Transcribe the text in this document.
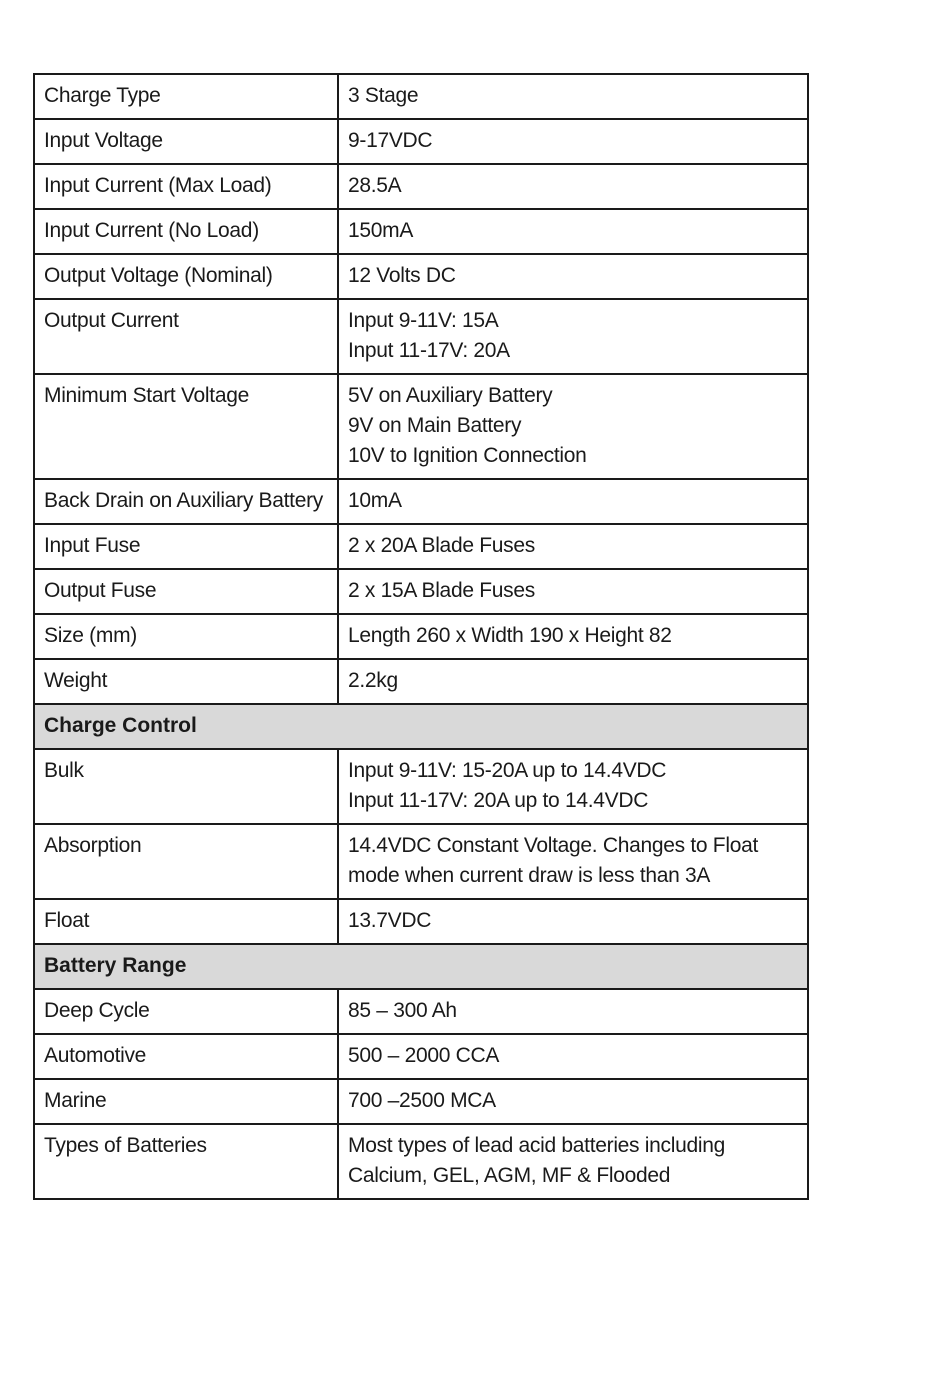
Charge Type	3 Stage

Input Voltage	9-17VDC

Input Current (Max Load)	28.5A

Input Current (No Load)	150mA

Output Voltage (Nominal)	12 Volts DC

Output Current	Input 9-11V: 15A
Input 11-17V: 20A

Minimum Start Voltage	5V on Auxiliary Battery
9V on Main Battery
10V to Ignition Connection

Back Drain on Auxiliary Battery	10mA

Input Fuse	2 x 20A Blade Fuses

Output Fuse	2 x 15A Blade Fuses

Size (mm)	Length 260 x Width 190 x Height 82

Weight	2.2kg

Charge Control	
Bulk	Input 9-11V: 15-20A up to 14.4VDC
Input 11-17V: 20A up to 14.4VDC

Absorption	14.4VDC Constant Voltage. Changes to Float
mode when current draw is less than 3A

Float	13.7VDC

Battery Range	
Deep Cycle	85 – 300 Ah

Automotive	500 – 2000 CCA

Marine	700 –2500 MCA

Types of Batteries	Most types of lead acid batteries including
Calcium, GEL, AGM, MF & Flooded
